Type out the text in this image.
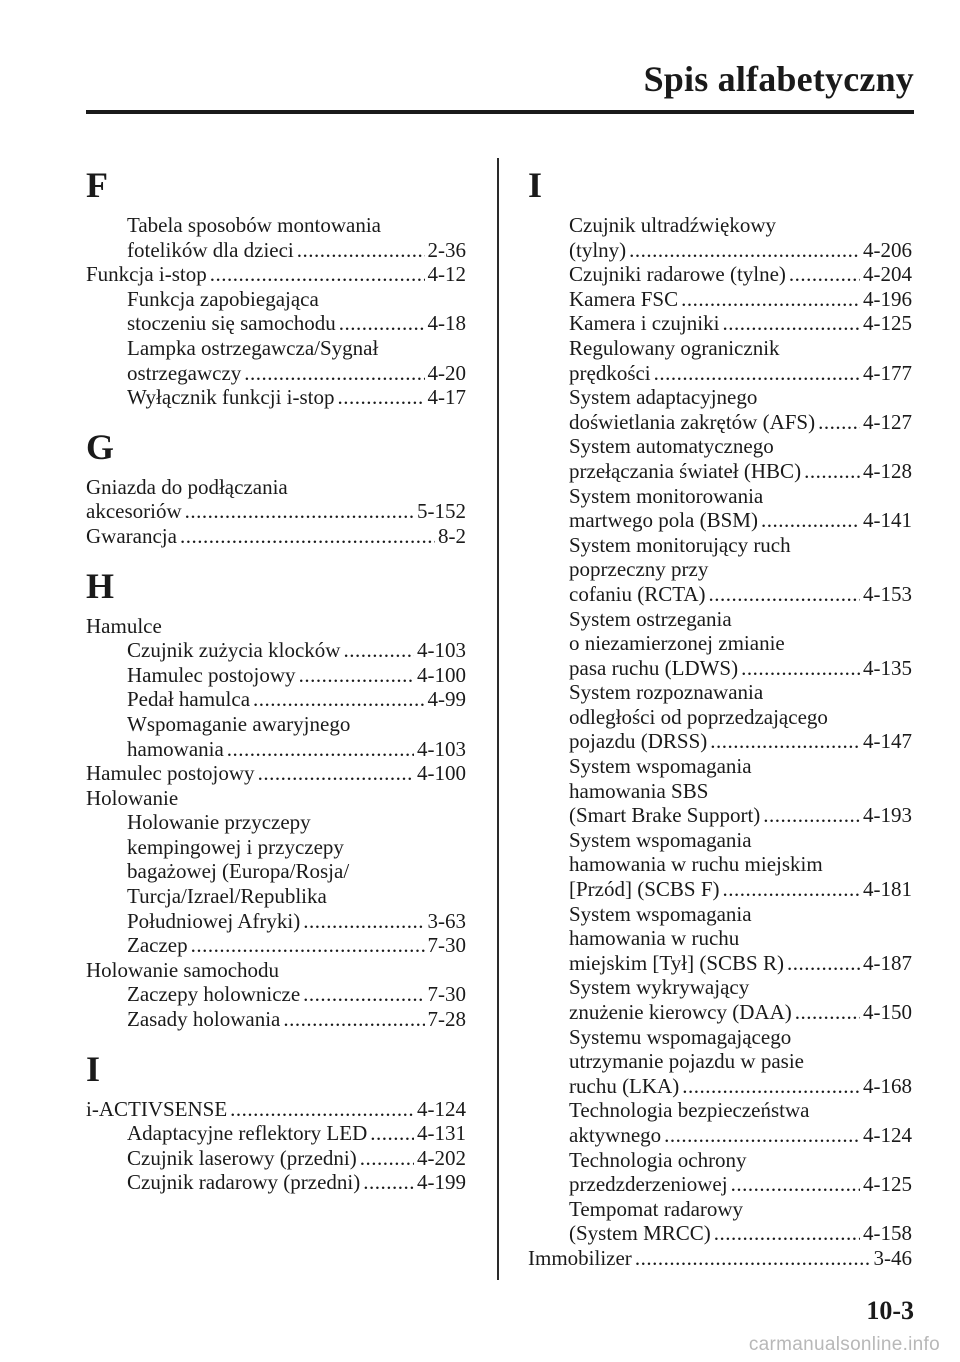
Spis alfabetyczny
F
Tabela sposobów montowania
fotelików dla dzieci .....	2-36
Funkcja i-stop .....	4-12
Funkcja zapobiegająca
stoczeniu się samochodu .....	4-18
Lampka ostrzegawcza/Sygnał
ostrzegawczy .....	4-20
Wyłącznik funkcji i-stop .....	4-17
G
Gniazda do podłączania
akcesoriów .....	5-152
Gwarancja .....	8-2
H
Hamulce
Czujnik zużycia klocków .....	4-103
Hamulec postojowy .....	4-100
Pedał hamulca .....	4-99
Wspomaganie awaryjnego
hamowania .....	4-103
Hamulec postojowy .....	4-100
Holowanie
Holowanie przyczepy
kempingowej i przyczepy
bagażowej (Europa/Rosja/
Turcja/Izrael/Republika
Południowej Afryki) .....	3-63
Zaczep .....	7-30
Holowanie samochodu
Zaczepy holownicze .....	7-30
Zasady holowania .....	7-28
I
i-ACTIVSENSE .....	4-124
Adaptacyjne reflektory LED ..... 4-131
Czujnik laserowy (przedni) .....	4-202
Czujnik radarowy (przedni) .....	4-199
I
Czujnik ultradźwiękowy
(tylny) .....	4-206
Czujniki radarowe (tylne) .....	4-204
Kamera FSC .....	4-196
Kamera i czujniki .....	4-125
Regulowany ogranicznik
prędkości .....	4-177
System adaptacyjnego
doświetlania zakrętów (AFS) ..... 4-127
System automatycznego
przełączania świateł (HBC) .....	4-128
System monitorowania
martwego pola (BSM) .....	4-141
System monitorujący ruch
poprzeczny przy
cofaniu (RCTA) .....	4-153
System ostrzegania
o niezamierzonej zmianie
pasa ruchu (LDWS) .....	4-135
System rozpoznawania
odległości od poprzedzającego
pojazdu (DRSS) .....	4-147
System wspomagania
hamowania SBS
(Smart Brake Support) .....	4-193
System wspomagania
hamowania w ruchu miejskim
[Przód] (SCBS F) .....	4-181
System wspomagania
hamowania w ruchu
miejskim [Tył] (SCBS R) .....	4-187
System wykrywający
znużenie kierowcy (DAA) .....	4-150
Systemu wspomagającego
utrzymanie pojazdu w pasie
ruchu (LKA) .....	4-168
Technologia bezpieczeństwa
aktywnego .....	4-124
Technologia ochrony
przedzderzeniowej .....	4-125
Tempomat radarowy
(System MRCC) .....	4-158
Immobilizer .....	3-46
10-3
carmanualsonline.info
